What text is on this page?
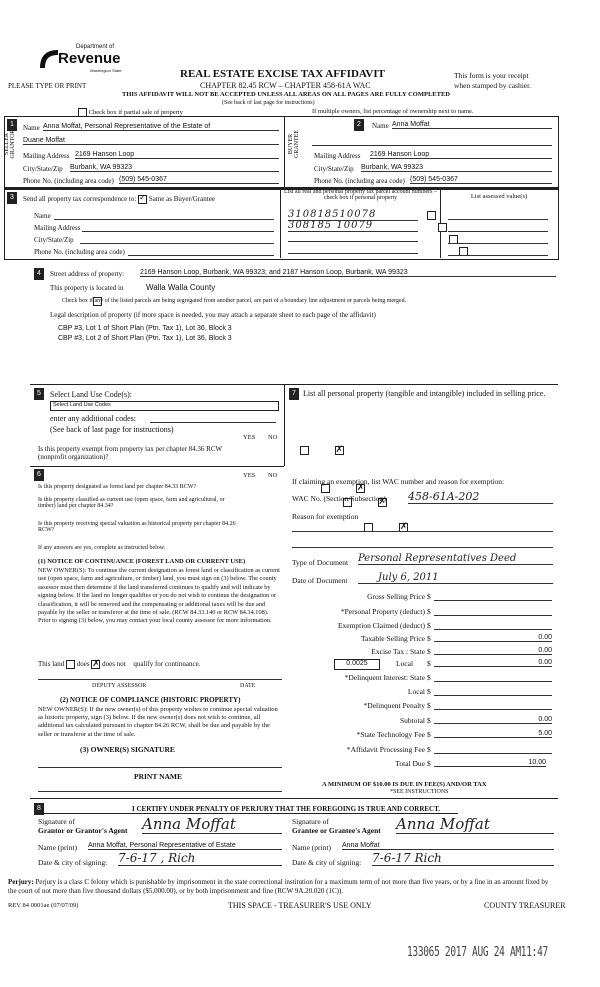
Department of
Revenue
Washington State
PLEASE TYPE OR PRINT
REAL ESTATE EXCISE TAX AFFIDAVIT
CHAPTER 82.45 RCW – CHAPTER 458-61A WAC
THIS AFFIDAVIT WILL NOT BE ACCEPTED UNLESS ALL AREAS ON ALL PAGES ARE FULLY COMPLETED
(See back of last page for instructions)
This form is your receipt
when stamped by cashier.
Check box if partial sale of property	If multiple owners, list percentage of ownership next to name.
1
SELLER GRANTOR
Name Anna Moffat, Personal Representative of the Estate of
Duane Moffat
Mailing Address 2169 Hanson Loop
City/State/Zip Burbank, WA 99323
Phone No. (including area code) (509) 545-0367
2
BUYER GRANTEE
Name Anna Moffat
Mailing Address 2169 Hanson Loop
City/State/Zip Burbank, WA 99323
Phone No. (including area code) (509) 545-0367
3	Send all property tax correspondence to: ✓ Same as Buyer/Grantee
Name
Mailing Address
City/State/Zip
Phone No. (including area code)
List all real and personal property tax parcel account numbers – check box if personal property	List assessed value(s)
310818510078
308185 10079

4	Street address of property: 2169 Hanson Loop, Burbank, WA 99323; and 2187 Hanson Loop, Burbank, WA 99323
This property is located in	Walla Walla County

Check box if any of the listed parcels are being segregated from another parcel, are part of a boundary line adjustment or parcels being merged.
Legal description of property (if more space is needed, you may attach a separate sheet to each page of the affidavit)
CBP #3, Lot 1 of Short Plan (Ptn. Tax 1), Lot 36, Block 3
CBP #3, Lot 2 of Short Plan (Ptn. Tax 1), Lot 36, Block 3
5	Select Land Use Code(s):
Select Land Use Codes
enter any additional codes:
(See back of last page for instructions)
YES NO
Is this property exempt from property tax per chapter 84.36 RCW (nonprofit organization)?
✗
7 List all personal property (tangible and intangible) included in selling price.
6	YES NO
Is this property designated as forest land per chapter 84.33 RCW?
✗
Is this property classified as current use (open space, farm and agricultural, or timber) land per chapter 84.34?
✗
Is this property receiving special valuation as historical property per chapter 84.26 RCW?
✗
If any answers are yes, complete as instructed below.
(1) NOTICE OF CONTINUANCE (FOREST LAND OR CURRENT USE)
NEW OWNER(S): To continue the current designation as forest land or classification as current use (open space, farm and agriculture, or timber) land, you must sign on (3) below. The county assessor must then determine if the land transferred continues to qualify and will indicate by signing below. If the land no longer qualifies or you do not wish to continue the designation or classification, it will be removed and the compensating or additional taxes will be due and payable by the seller or transferor at the time of sale. (RCW 84.33.140 or RCW 84.34.108). Prior to signing (3) below, you may contact your local county assessor for more information.
This land does ✗ does not qualify for continuance.
DEPUTY ASSESSOR	DATE
(2) NOTICE OF COMPLIANCE (HISTORIC PROPERTY)
NEW OWNER(S): If the new owner(s) of this property wishes to continue special valuation as historic property, sign (3) below. If the new owner(s) does not wish to continue, all additional tax calculated pursuant to chapter 84.26 RCW, shall be due and payable by the seller or transferor at the time of sale.
(3) OWNER(S) SIGNATURE
PRINT NAME
If claiming an exemption, list WAC number and reason for exemption:
WAC No. (Section/Subsection) 458-61A-202
Reason for exemption
Type of Document Personal Representatives Deed
Date of Document	July 6, 2011
Gross Selling Price $
*Personal Property (deduct) $
Exemption Claimed (deduct) $
Taxable Selling Price $	0.00
Excise Tax : State $	0.00
0.0025	Local $	0.00
*Delinquent Interest: State $
Local $
*Delinquent Penalty $
Subtotal $	0.00
*State Technology Fee $	5.00
*Affidavit Processing Fee $
Total Due $	10.00
A MINIMUM OF $10.00 IS DUE IN FEE(S) AND/OR TAX
*SEE INSTRUCTIONS
8	I CERTIFY UNDER PENALTY OF PERJURY THAT THE FOREGOING IS TRUE AND CORRECT.
Signature of
Grantor or Grantor's Agent Anna Moffat
Name (print) Anna Moffat, Personal Representative of Estate
Date & city of signing: 7-6-17 , Rich
Signature of
Grantee or Grantee's Agent Anna Moffat
Name (print) Anna Moffat
Date & city of signing: 7-6-17 Rich
Perjury: Perjury is a class C felony which is punishable by imprisonment in the state correctional institution for a maximum term of not more than five years, or by a fine in an amount fixed by the court of not more than five thousand dollars ($5,000.00), or by both imprisonment and fine (RCW 9A.20.020 (1C)).
REV 84 0001ae (07/07/09)	THIS SPACE - TREASURER'S USE ONLY	COUNTY TREASURER
133065 2017 AUG 24 AM11:47
